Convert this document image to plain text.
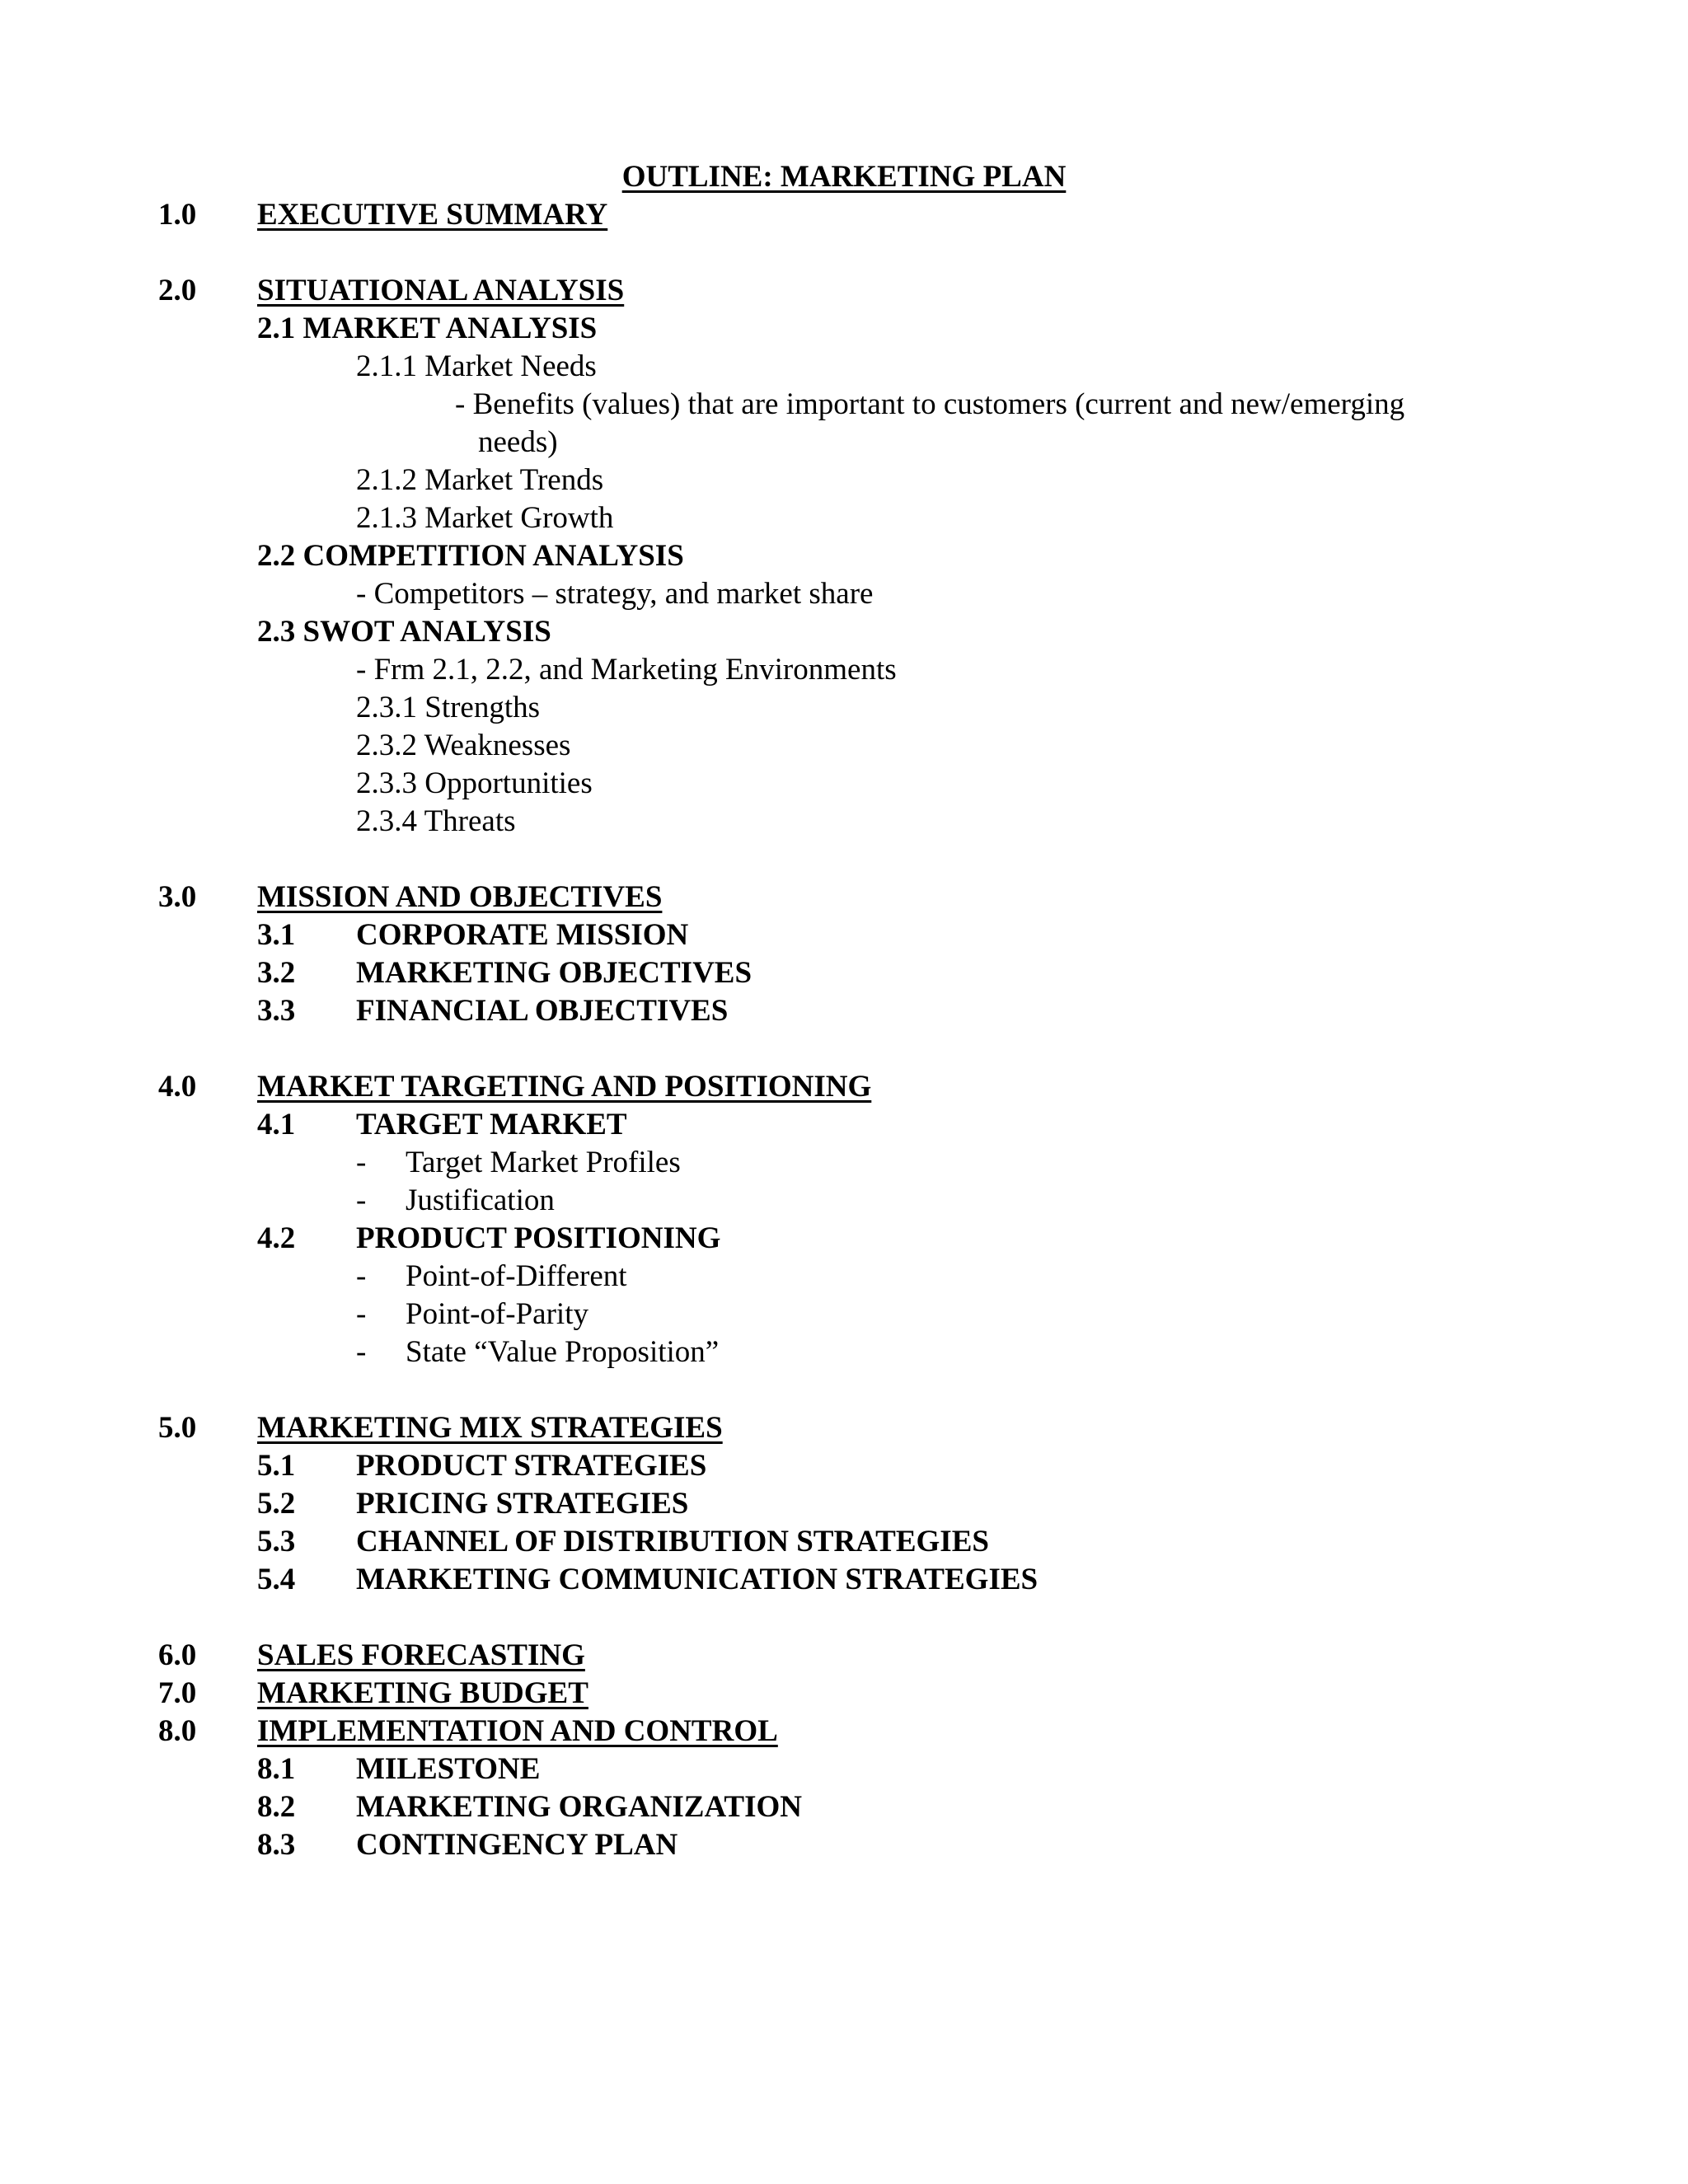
OUTLINE: MARKETING PLAN
1.0 EXECUTIVE SUMMARY
2.0 SITUATIONAL ANALYSIS
2.1 MARKET ANALYSIS
2.1.1 Market Needs
- Benefits (values) that are important to customers (current and new/emerging
needs)
2.1.2 Market Trends
2.1.3 Market Growth
2.2 COMPETITION ANALYSIS
- Competitors – strategy, and market share
2.3 SWOT ANALYSIS
- Frm 2.1, 2.2, and Marketing Environments
2.3.1 Strengths
2.3.2 Weaknesses
2.3.3 Opportunities
2.3.4 Threats
3.0 MISSION AND OBJECTIVES
3.1 CORPORATE MISSION
3.2 MARKETING OBJECTIVES
3.3 FINANCIAL OBJECTIVES
4.0 MARKET TARGETING AND POSITIONING
4.1 TARGET MARKET
- Target Market Profiles
- Justification
4.2 PRODUCT POSITIONING
- Point-of-Different
- Point-of-Parity
- State “Value Proposition”
5.0 MARKETING MIX STRATEGIES
5.1 PRODUCT STRATEGIES
5.2 PRICING STRATEGIES
5.3 CHANNEL OF DISTRIBUTION STRATEGIES
5.4 MARKETING COMMUNICATION STRATEGIES
6.0 SALES FORECASTING
7.0 MARKETING BUDGET
8.0 IMPLEMENTATION AND CONTROL
8.1 MILESTONE
8.2 MARKETING ORGANIZATION
8.3 CONTINGENCY PLAN
